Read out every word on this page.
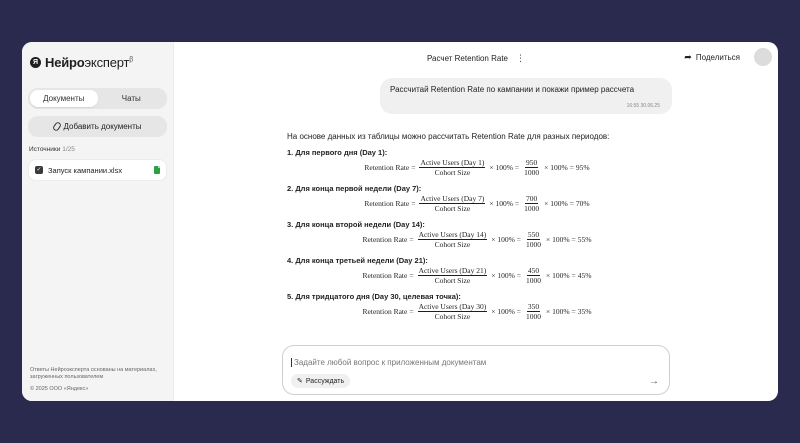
Я Нейроэксперт$^\beta$
Документы	Чаты
Добавить документы
Источники 1/25
✓ Запуск кампании.xlsx
Ответы Нейроэксперта основаны на материалах, загруженных пользователем
© 2025 ООО «Яндекс»
Расчет Retention Rate ⋮	➦ Поделиться
Рассчитай Retention Rate по кампании и покажи пример рассчета
16:55 30.06.25
На основе данных из таблицы можно рассчитать Retention Rate для разных периодов:
1. Для первого дня (Day 1):
Retention Rate = $\frac{\text{Active Users (Day 1)}}{\text{Cohort Size}} \times 100\% = \frac{950}{1000} \times 100\% = 95\%$
2. Для конца первой недели (Day 7):
Retention Rate = $\frac{\text{Active Users (Day 7)}}{\text{Cohort Size}} \times 100\% = \frac{700}{1000} \times 100\% = 70\%$
3. Для конца второй недели (Day 14):
Retention Rate = $\frac{\text{Active Users (Day 14)}}{\text{Cohort Size}} \times 100\% = \frac{550}{1000} \times 100\% = 55\%$
4. Для конца третьей недели (Day 21):
Retention Rate = $\frac{\text{Active Users (Day 21)}}{\text{Cohort Size}} \times 100\% = \frac{450}{1000} \times 100\% = 45\%$
5. Для тридцатого дня (Day 30, целевая точка):
Retention Rate = $\frac{\text{Active Users (Day 30)}}{\text{Cohort Size}} \times 100\% = \frac{350}{1000} \times 100\% = 35\%$
Задайте любой вопрос к приложенным документам
✎ Рассуждать	→
